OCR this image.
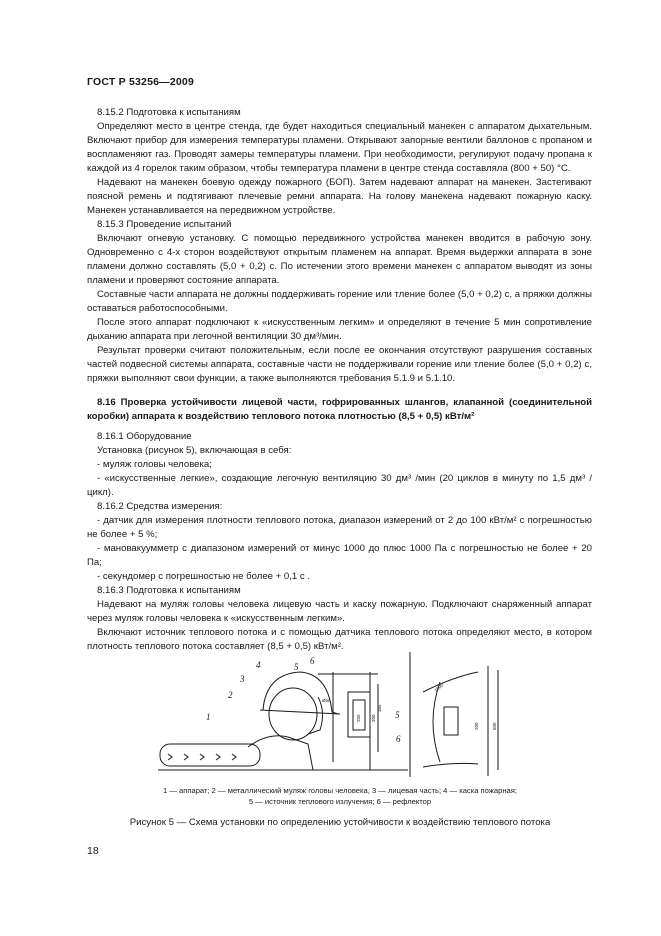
ГОСТ Р 53256—2009

8.15.2 Подготовка к испытаниям

Определяют место в центре стенда, где будет находиться специальный манекен с аппаратом дыхательным. Включают прибор для измерения температуры пламени. Открывают запорные вентили баллонов с пропаном и воспламеняют газ. Проводят замеры температуры пламени. При необходимости, регулируют подачу пропана к каждой из 4 горелок таким образом, чтобы температура пламени в центре стенда составляла (800 + 50) °С.

Надевают на манекен боевую одежду пожарного (БОП). Затем надевают аппарат на манекен. Застегивают поясной ремень и подтягивают плечевые ремни аппарата. На голову манекена надевают пожарную каску. Манекен устанавливается на передвижном устройстве.

8.15.3 Проведение испытаний

Включают огневую установку. С помощью передвижного устройства манекен вводится в рабочую зону. Одновременно с 4-х сторон воздействуют открытым пламенем на аппарат. Время выдержки аппарата в зоне пламени должно составлять (5,0 + 0,2) с. По истечении этого времени манекен с аппаратом выводят из зоны пламени и проверяют состояние аппарата.

Составные части аппарата не должны поддерживать горение или тление более (5,0 + 0,2) с, а пряжки должны оставаться работоспособными.

После этого аппарат подключают к «искусственным легким» и определяют в течение 5 мин сопротивление дыханию аппарата при легочной вентиляции 30 дм³/мин.

Результат проверки считают положительным, если после ее окончания отсутствуют разрушения составных частей подвесной системы аппарата, составные части не поддерживали горение или тление более (5,0 + 0,2) с, пряжки выполняют свои функции, а также выполняются требования 5.1.9 и 5.1.10.

8.16 Проверка устойчивости лицевой части, гофрированных шлангов, клапанной (соединительной коробки) аппарата к воздействию теплового потока плотностью (8,5 + 0,5) кВт/м²

8.16.1 Оборудование

Установка (рисунок 5), включающая в себя:

- муляж головы человека;

- «искусственные легкие», создающие легочную вентиляцию 30 дм³ /мин (20 циклов в минуту по 1,5 дм³ /цикл).

8.16.2 Средства измерения:

- датчик для измерения плотности теплового потока, диапазон измерений от 2 до 100 кВт/м² с погрешностью не более + 5 %;

- мановакуумметр с диапазоном измерений от минус 1000 до плюс 1000 Па с погрешностью не более + 20 Па;

- секундомер с погрешностью не более + 0,1 с .

8.16.3 Подготовка к испытаниям

Надевают на муляж головы человека лицевую часть и каску пожарную. Подключают снаряженный аппарат через муляж головы человека к «искусственным легким».

Включают источник теплового потока и с помощью датчика теплового потока определяют место, в котором плотность теплового потока составляет (8,5 + 0,5) кВт/м².

1
2
3
4	5
6
5
6
385
250 300
Ø50
200	600
1000
1 — аппарат; 2 — металлический муляж головы человека, 3 — лицевая часть; 4 — каска пожарная;
5 — источник теплового излучения; 6 — рефлектор
Рисунок 5 — Схема установки по определению устойчивости к воздействию теплового потока
18
